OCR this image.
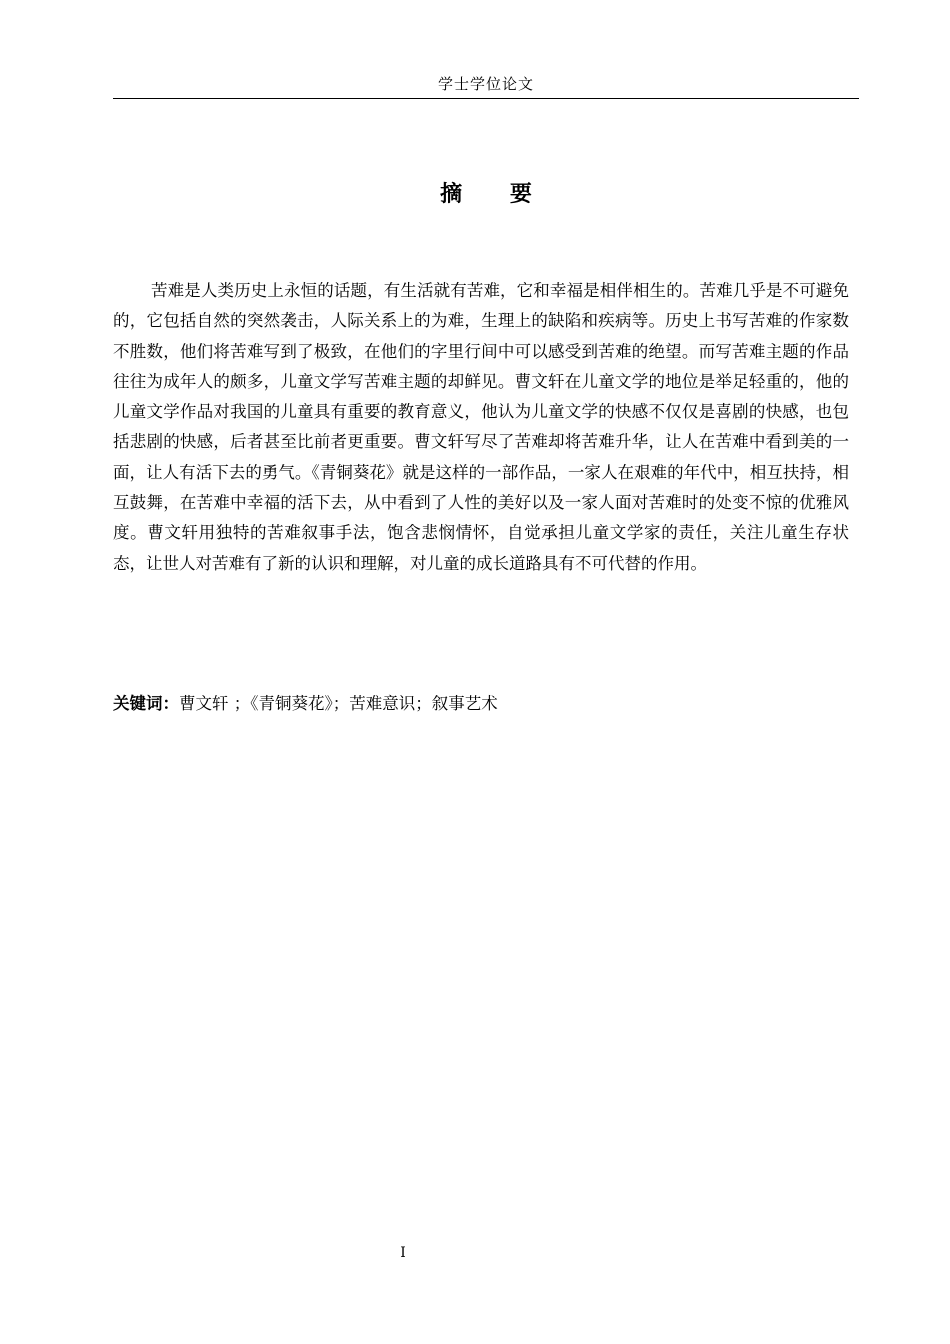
学士学位论文
摘 要

苦难是人类历史上永恒的话题，有生活就有苦难，它和幸福是相伴相生的。苦难几乎是不可避免的，它包括自然的突然袭击，人际关系上的为难，生理上的缺陷和疾病等。历史上书写苦难的作家数不胜数，他们将苦难写到了极致，在他们的字里行间中可以感受到苦难的绝望。而写苦难主题的作品往往为成年人的颇多，儿童文学写苦难主题的却鲜见。曹文轩在儿童文学的地位是举足轻重的，他的儿童文学作品对我国的儿童具有重要的教育意义，他认为儿童文学的快感不仅仅是喜剧的快感，也包括悲剧的快感，后者甚至比前者更重要。曹文轩写尽了苦难却将苦难升华，让人在苦难中看到美的一面，让人有活下去的勇气。《青铜葵花》就是这样的一部作品，一家人在艰难的年代中，相互扶持，相互鼓舞，在苦难中幸福的活下去，从中看到了人性的美好以及一家人面对苦难时的处变不惊的优雅风度。曹文轩用独特的苦难叙事手法，饱含悲悯情怀，自觉承担儿童文学家的责任，关注儿童生存状态，让世人对苦难有了新的认识和理解，对儿童的成长道路具有不可代替的作用。

关键词：曹文轩 ；《青铜葵花》；苦难意识；叙事艺术
I
